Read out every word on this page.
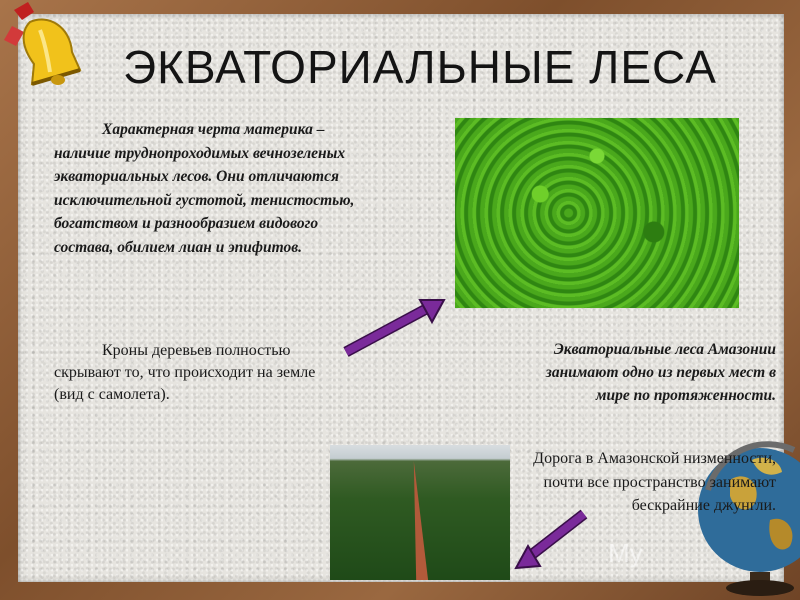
ЭКВАТОРИАЛЬНЫЕ ЛЕСА

Характерная черта материка – наличие труднопроходимых вечнозеленых экваториальных лесов. Они отличаются исключительной густотой, тенистостью, богатством и разнообразием видового состава, обилием лиан и эпифитов.

Кроны деревьев полностью скрывают то, что происходит на земле (вид с самолета).

Экваториальные леса Амазонии занимают одно из первых мест в мире по протяженности.

Дорога в Амазонской низменности, почти все пространство занимают бескрайние джунгли.

My
